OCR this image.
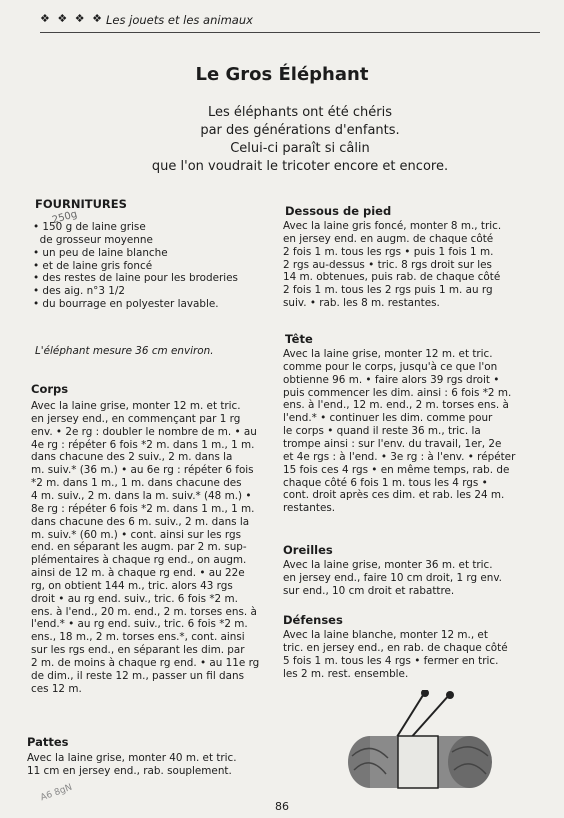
❖ ❖ ❖ ❖ Les jouets et les animaux
Le Gros Éléphant
Les éléphants ont été chéris
par des générations d'enfants.
Celui-ci paraît si câlin
que l'on voudrait le tricoter encore et encore.
250g
FOURNITURES
• 150 g de laine grise
de grosseur moyenne
• un peu de laine blanche
• et de laine gris foncé
• des restes de laine pour les broderies
• des aig. n°3 1/2
• du bourrage en polyester lavable.
L'éléphant mesure 36 cm environ.
Corps
Avec la laine grise, monter 12 m. et tric.
en jersey end., en commençant par 1 rg
env. • 2e rg : doubler le nombre de m. • au
4e rg : répéter 6 fois *2 m. dans 1 m., 1 m.
dans chacune des 2 suiv., 2 m. dans la
m. suiv.* (36 m.) • au 6e rg : répéter 6 fois
*2 m. dans 1 m., 1 m. dans chacune des
4 m. suiv., 2 m. dans la m. suiv.* (48 m.) •
8e rg : répéter 6 fois *2 m. dans 1 m., 1 m.
dans chacune des 6 m. suiv., 2 m. dans la
m. suiv.* (60 m.) • cont. ainsi sur les rgs
end. en séparant les augm. par 2 m. sup-
plémentaires à chaque rg end., on augm.
ainsi de 12 m. à chaque rg end. • au 22e
rg, on obtient 144 m., tric. alors 43 rgs
droit • au rg end. suiv., tric. 6 fois *2 m.
ens. à l'end., 20 m. end., 2 m. torses ens. à
l'end.* • au rg end. suiv., tric. 6 fois *2 m.
ens., 18 m., 2 m. torses ens.*, cont. ainsi
sur les rgs end., en séparant les dim. par
2 m. de moins à chaque rg end. • au 11e rg
de dim., il reste 12 m., passer un fil dans
ces 12 m.
Pattes
Avec la laine grise, monter 40 m. et tric.
11 cm en jersey end., rab. souplement.
Dessous de pied
Avec la laine gris foncé, monter 8 m., tric.
en jersey end. en augm. de chaque côté
2 fois 1 m. tous les rgs • puis 1 fois 1 m.
2 rgs au-dessus • tric. 8 rgs droit sur les
14 m. obtenues, puis rab. de chaque côté
2 fois 1 m. tous les 2 rgs puis 1 m. au rg
suiv. • rab. les 8 m. restantes.
Tête
Avec la laine grise, monter 12 m. et tric.
comme pour le corps, jusqu'à ce que l'on
obtienne 96 m. • faire alors 39 rgs droit •
puis commencer les dim. ainsi : 6 fois *2 m.
ens. à l'end., 12 m. end., 2 m. torses ens. à
l'end.* • continuer les dim. comme pour
le corps • quand il reste 36 m., tric. la
trompe ainsi : sur l'env. du travail, 1er, 2e
et 4e rgs : à l'end. • 3e rg : à l'env. • répéter
15 fois ces 4 rgs • en même temps, rab. de
chaque côté 6 fois 1 m. tous les 4 rgs •
cont. droit après ces dim. et rab. les 24 m.
restantes.
Oreilles
Avec la laine grise, monter 36 m. et tric.
en jersey end., faire 10 cm droit, 1 rg env.
sur end., 10 cm droit et rabattre.
Défenses
Avec la laine blanche, monter 12 m., et
tric. en jersey end., en rab. de chaque côté
5 fois 1 m. tous les 4 rgs • fermer en tric.
les 2 m. rest. ensemble.
A6 8gN
86
